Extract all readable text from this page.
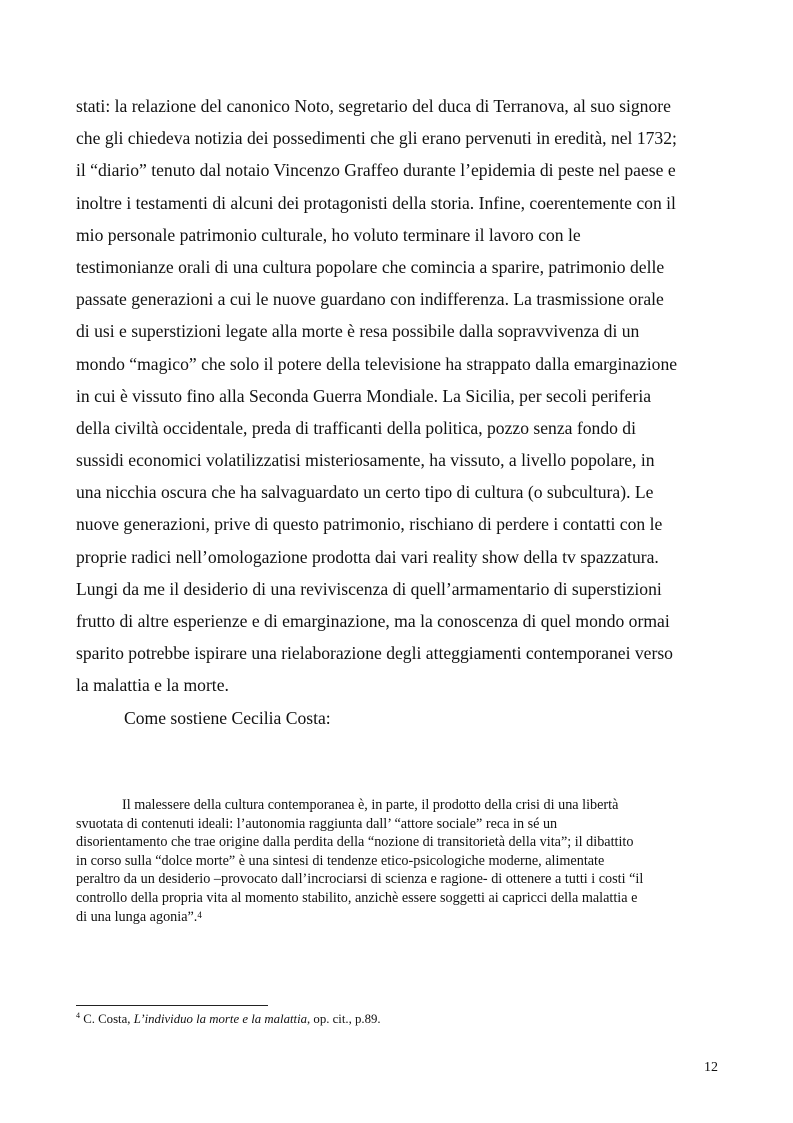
stati: la relazione del canonico Noto, segretario del duca di Terranova, al suo signore
che gli chiedeva notizia dei possedimenti che gli erano pervenuti in eredità, nel 1732;
il “diario” tenuto dal notaio Vincenzo Graffeo durante l’epidemia di peste nel paese e
inoltre i testamenti di alcuni dei protagonisti della storia. Infine, coerentemente con il
mio personale patrimonio culturale, ho voluto terminare il lavoro con le
testimonianze orali di una cultura popolare che comincia a sparire, patrimonio delle
passate generazioni a cui le nuove guardano con indifferenza. La trasmissione orale
di usi e superstizioni legate alla morte è resa possibile dalla sopravvivenza di un
mondo “magico” che solo il potere della televisione ha strappato dalla emarginazione
in cui è vissuto fino alla Seconda Guerra Mondiale. La Sicilia, per secoli periferia
della civiltà occidentale, preda di trafficanti della politica, pozzo senza fondo di
sussidi economici volatilizzatisi misteriosamente, ha vissuto, a livello popolare, in
una nicchia oscura che ha salvaguardato un certo tipo di cultura (o subcultura). Le
nuove generazioni, prive di questo patrimonio, rischiano di perdere i contatti con le
proprie radici nell’omologazione prodotta dai vari reality show della tv spazzatura.
Lungi da me il desiderio di una reviviscenza di quell’armamentario di superstizioni
frutto di altre esperienze e di emarginazione, ma la conoscenza di quel mondo ormai
sparito potrebbe ispirare una rielaborazione degli atteggiamenti contemporanei verso
la malattia e la morte.
Come sostiene Cecilia Costa:
Il malessere della cultura contemporanea è, in parte, il prodotto della crisi di una libertà
svuotata di contenuti ideali: l’autonomia raggiunta dall’ “attore sociale” reca in sé un
disorientamento che trae origine dalla perdita della “nozione di transitorietà della vita”; il dibattito
in corso sulla “dolce morte” è una sintesi di tendenze etico-psicologiche moderne, alimentate
peraltro da un desiderio –provocato dall’incrociarsi di scienza e ragione- di ottenere a tutti i costi “il
controllo della propria vita al momento stabilito, anzichè essere soggetti ai capricci della malattia e
di una lunga agonia”.$^4$
$^4$ C. Costa, L’individuo la morte e la malattia, op. cit., p.89.
12
